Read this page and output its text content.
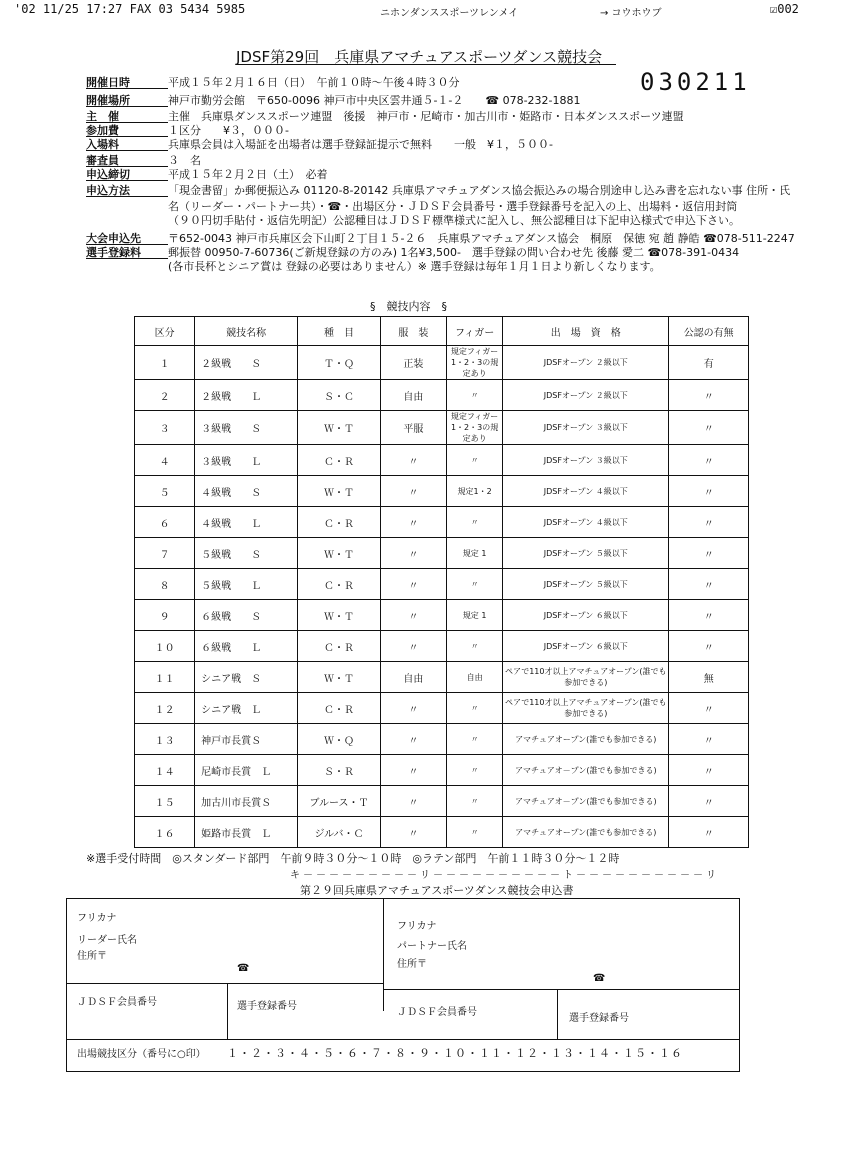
'02 11/25 17:27 FAX 03 5434 5985	ニホンダンススポーツレンメイ	→ コウホウブ	☑002
JDSF第29回　兵庫県アマチュアスポーツダンス競技会
030211
開催日時	平成１５年２月１６日（日）　午前１０時～午後４時３０分
開催場所	神戸市勤労会館　〒650-0096 神戸市中央区雲井通５-１-２　　☎ 078-232-1881
主　催	主催　兵庫県ダンススポーツ連盟　後援　神戸市・尼崎市・加古川市・姫路市・日本ダンススポーツ連盟
参加費	１区分　　¥３，０００-
入場料	兵庫県会員は入場証を出場者は選手登録証提示で無料　　一般　¥１，５００-
審査員	３　名
申込締切	平成１５年２月２日（土）　必着
申込方法	「現金書留」か郵便振込み 01120-8-20142 兵庫県アマチュアダンス協会振込みの場合別途申し込み書を忘れない事 住所・氏
名（リーダー・パートナー共）・☎・出場区分・ＪＤＳＦ会員番号・選手登録番号を記入の上、出場料・返信用封筒
（９０円切手貼付・返信先明記）公認種目はＪＤＳＦ標準様式に記入し、無公認種目は下記申込様式で申込下さい。
大会申込先 〒652-0043 神戸市兵庫区会下山町２丁目１５-２６　兵庫県アマチュアダンス協会　桐原　保徳 宛 趙 静皓 ☎078-511-2247
選手登録料 郵振替 00950-7-60736(ご新規登録の方のみ) 1名¥3,500-　選手登録の問い合わせ先 後藤 愛二 ☎078-391-0434
(各市長杯とシニア賞は 登録の必要はありません）※ 選手登録は毎年１月１日より新しくなります。
§　競技内容　§
区分	競技名称	種　目	服　装	フィガー	出　場　資　格	公認の有無
１	２級戦　　Ｓ	Ｔ・Ｑ	正装	規定フィガー1・2・3の規定あり	JDSFオープン ２級以下	有
２	２級戦　　Ｌ	Ｓ・Ｃ	自由	〃	JDSFオープン ２級以下	〃
３	３級戦　　Ｓ	Ｗ・Ｔ	平服	規定フィガー1・2・3の規定あり	JDSFオープン ３級以下	〃
４	３級戦　　Ｌ	Ｃ・Ｒ	〃	〃	JDSFオープン ３級以下	〃
５	４級戦　　Ｓ	Ｗ・Ｔ	〃	規定1・2	JDSFオープン ４級以下	〃
６	４級戦　　Ｌ	Ｃ・Ｒ	〃	〃	JDSFオープン ４級以下	〃
７	５級戦　　Ｓ	Ｗ・Ｔ	〃	規定 1	JDSFオープン ５級以下	〃
８	５級戦　　Ｌ	Ｃ・Ｒ	〃	〃	JDSFオープン ５級以下	〃
９	６級戦　　Ｓ	Ｗ・Ｔ	〃	規定 1	JDSFオープン ６級以下	〃
１０	６級戦　　Ｌ	Ｃ・Ｒ	〃	〃	JDSFオープン ６級以下	〃
１１	シニア戦　Ｓ	Ｗ・Ｔ	自由	自由	ペアで110才以上アマチュアオープン(誰でも参加できる)	無
１２	シニア戦　Ｌ	Ｃ・Ｒ	〃	〃	ペアで110才以上アマチュアオープン(誰でも参加できる)	〃
１３	神戸市長賞Ｓ	Ｗ・Ｑ	〃	〃	アマチュアオープン(誰でも参加できる)	〃
１４	尼崎市長賞　Ｌ	Ｓ・Ｒ	〃	〃	アマチュアオ－プン(誰でも参加できる)	〃
１５	加古川市長賞Ｓ	ブルース・Ｔ	〃	〃	アマチュアオ－プン(誰でも参加できる)	〃
１６	姫路市長賞　Ｌ	ジルバ・Ｃ	〃	〃	アマチュアオープン(誰でも参加できる)	〃
※選手受付時間　◎スタンダード部門　午前９時３０分～１０時　◎ラテン部門　午前１１時３０分～１２時
キ－－－－－－－－－リ－－－－－－－－－－ト－－－－－－－－－－リ
第２９回兵庫県アマチュアスポーツダンス競技会申込書
フリカナ
リーダー氏名
住所〒
☎
フリカナ
パートナー氏名
住所〒
☎
ＪＤＳＦ会員番号	選手登録番号
ＪＤＳＦ会員番号
選手登録番号
出場競技区分（番号に○印） １・２・３・４・５・６・７・８・９・１０・１１・１２・１３・１４・１５・１６
